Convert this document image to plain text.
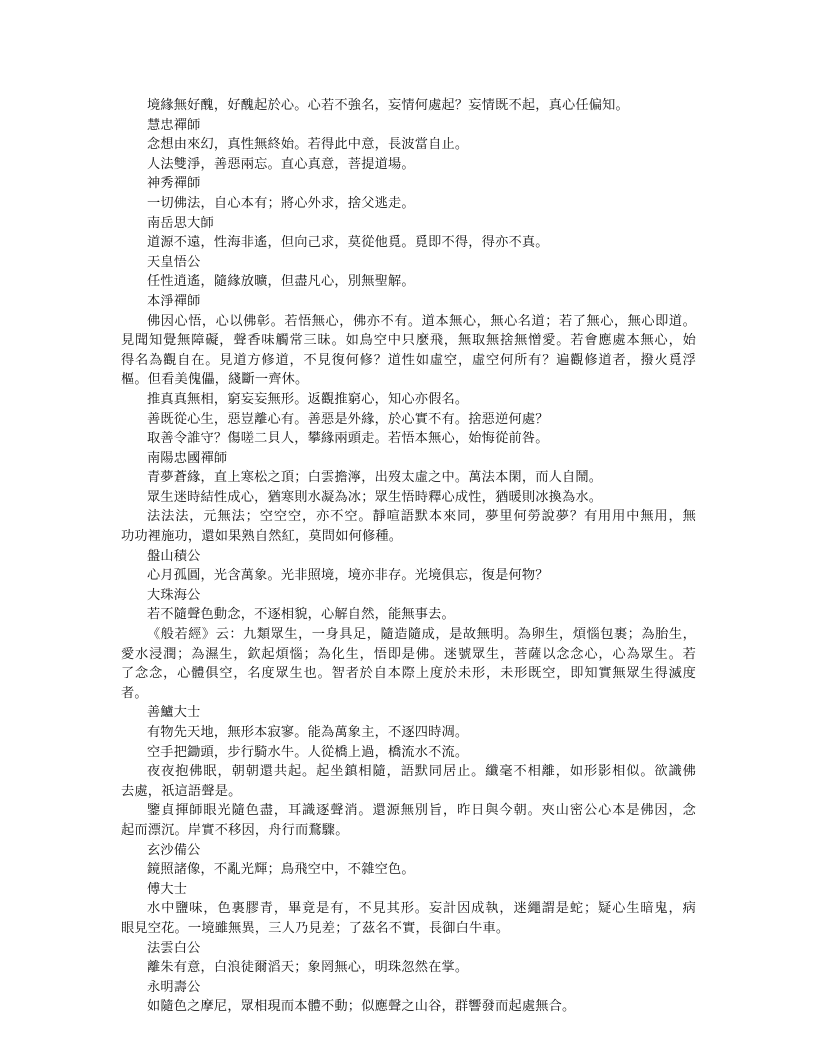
境緣無好醜，好醜起於心。心若不強名，妄情何處起？妄情既不起，真心任偏知。
慧忠禪師
念想由來幻，真性無終始。若得此中意，長波當自止。
人法雙淨，善惡兩忘。直心真意，菩提道場。
神秀禪師
一切佛法，自心本有；將心外求，捨父逃走。
南岳思大師
道源不遠，性海非遙，但向己求，莫從他覓。覓即不得，得亦不真。
天皇悟公
任性逍遙，隨緣放曠，但盡凡心，別無聖解。
本淨禪師
佛因心悟，心以佛彰。若悟無心，佛亦不有。道本無心，無心名道；若了無心，無心即道。
見聞知覺無障礙，聲香味觸常三昧。如鳥空中只麼飛，無取無捨無憎愛。若會應處本無心，始
得名為觀自在。見道方修道，不見復何修？道性如虛空，虛空何所有？遍觀修道者，撥火覓浮
樞。但看美傀儡，綫斷一齊休。
推真真無相，窮妄妄無形。返觀推窮心，知心亦假名。
善既從心生，惡豈離心有。善惡是外緣，於心實不有。捨惡逆何處？
取善令誰守？傷嗟二貝人，攀緣兩頭走。若悟本無心，始悔從前咎。
南陽忠國禪師
青夢蒼緣，直上寒松之頂；白雲擔濘，出歿太虛之中。萬法本閑，而人自鬧。
眾生迷時結性成心，猶寒則水凝為冰；眾生悟時釋心成性，猶暖則冰換為水。
法法法，元無法；空空空，亦不空。靜喧語默本來同，夢里何勞說夢？有用用中無用，無
功功裡施功，還如果熟自然紅，莫問如何修種。
盤山積公
心月孤圓，光含萬象。光非照境，境亦非存。光境俱忘，復是何物？
大珠海公
若不隨聲色動念，不逐相貌，心解自然，能無事去。
《般若經》云：九類眾生，一身具足，隨造隨成，是故無明。為卵生，煩惱包裹；為胎生，
愛水浸潤；為濕生，欽起煩惱；為化生，悟即是佛。迷號眾生，菩薩以念念心，心為眾生。若
了念念，心體俱空，名度眾生也。智者於自本際上度於未形，未形既空，即知實無眾生得滅度
者。
善鱸大士
有物先天地，無形本寂寥。能為萬象主，不逐四時凋。
空手把鋤頭，步行騎水牛。人從橋上過，橋流水不流。
夜夜抱佛眠，朝朝還共起。起坐鎮相隨，語默同居止。纖毫不相離，如形影相似。欲識佛
去處，祇這語聲是。
鑒貞揮師眼光隨色盡，耳識逐聲消。還源無別旨，昨日與今朝。夾山密公心本是佛因，念
起而漂沉。岸實不移因，舟行而鶩驟。
玄沙備公
鏡照諸像，不亂光輝；鳥飛空中，不雜空色。
傅大士
水中鹽味，色裏膠青，畢竟是有，不見其形。妄計因成執，迷繩謂是蛇；疑心生暗鬼，病
眼見空花。一境雖無異，三人乃見差；了茲名不實，長御白牛車。
法雲白公
離朱有意，白浪徒爾滔天；象罔無心，明珠忽然在掌。
永明壽公
如隨色之摩尼，眾相現而本體不動；似應聲之山谷，群響發而起處無合。
